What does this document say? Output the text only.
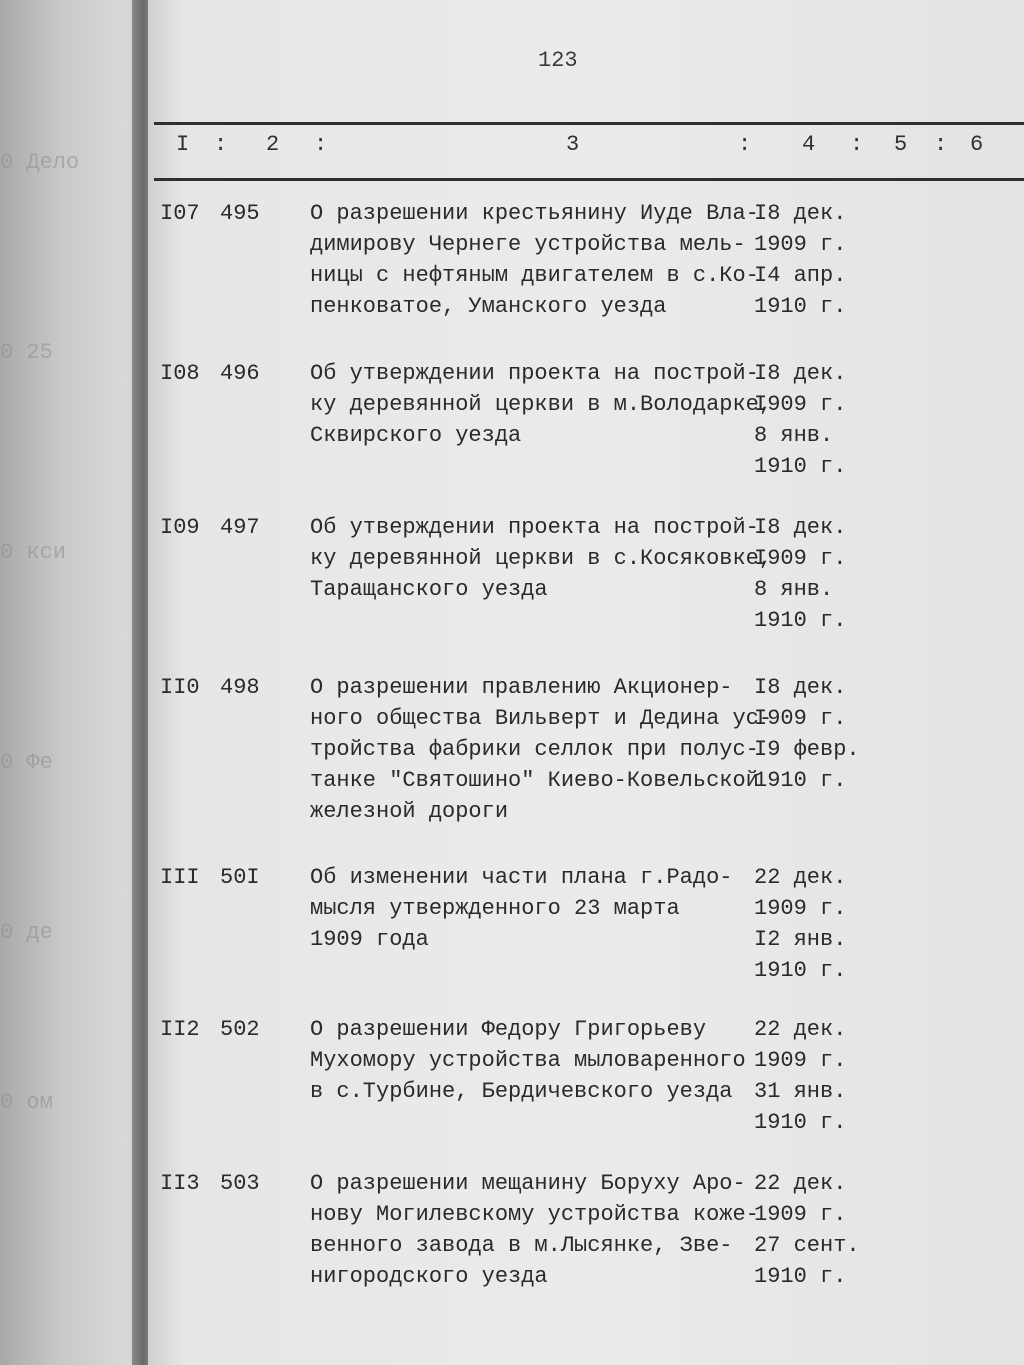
0 Дело
0 25
0 кси
0 Фе
0 де
0 ом
123
I : 2 :	3	: 4 : 5 : 6
I07 495 О разрешении крестьянину Иуде Вла-
димирову Чернеге устройства мель-
ницы с нефтяным двигателем в с.Ко-
пенковатое, Уманского уезда
I8 дек.
1909 г.
I4 апр.
1910 г.
I08 496 Об утверждении проекта на построй-
ку деревянной церкви в м.Володарке,
Сквирского уезда
I8 дек.
I909 г.
8 янв.
1910 г.
I09 497 Об утверждении проекта на построй-
ку деревянной церкви в с.Косяковке,
Таращанского уезда
I8 дек.
I909 г.
8 янв.
1910 г.
II0 498 О разрешении правлению Акционер-
ного общества Вильверт и Дедина ус-
тройства фабрики селлок при полус-
танке "Святошино" Киево-Ковельской
железной дороги
I8 дек.
I909 г.
I9 февр.
1910 г.
III 50I Об изменении части плана г.Радо-
мысля утвержденного 23 марта
1909 года
22 дек.
1909 г.
I2 янв.
1910 г.
II2 502 О разрешении Федору Григорьеву
Мухомору устройства мыловаренного
в с.Турбине, Бердичевского уезда
22 дек.
1909 г.
31 янв.
1910 г.
II3 503 О разрешении мещанину Боруху Аро-
нову Могилевскому устройства коже-
венного завода в м.Лысянке, Зве-
нигородского уезда
22 дек.
1909 г.
27 сент.
1910 г.
